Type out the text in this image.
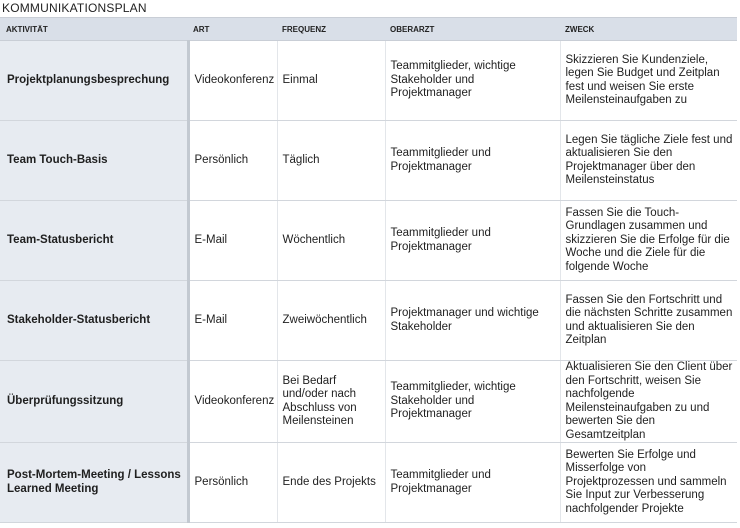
KOMMUNIKATIONSPLAN
AKTIVITÄT	ART	FREQUENZ	OBERARZT	ZWECK
Projektplanungsbesprechung	Videokonferenz	Einmal	Teammitglieder, wichtige Stakeholder und Projektmanager	Skizzieren Sie Kundenziele, legen Sie Budget und Zeitplan fest und weisen Sie erste Meilensteinaufgaben zu
Team Touch-Basis	Persönlich	Täglich	Teammitglieder und Projektmanager	Legen Sie tägliche Ziele fest und aktualisieren Sie den Projektmanager über den Meilensteinstatus
Team-Statusbericht	E-Mail	Wöchentlich	Teammitglieder und Projektmanager	Fassen Sie die Touch-Grundlagen zusammen und skizzieren Sie die Erfolge für die Woche und die Ziele für die folgende Woche
Stakeholder-Statusbericht	E-Mail	Zweiwöchentlich	Projektmanager und wichtige Stakeholder	Fassen Sie den Fortschritt und die nächsten Schritte zusammen und aktualisieren Sie den Zeitplan
Überprüfungssitzung	Videokonferenz	Bei Bedarf und/oder nach Abschluss von Meilensteinen	Teammitglieder, wichtige Stakeholder und Projektmanager	Aktualisieren Sie den Client über den Fortschritt, weisen Sie nachfolgende Meilensteinaufgaben zu und bewerten Sie den Gesamtzeitplan
Post-Mortem-Meeting / Lessons Learned Meeting	Persönlich	Ende des Projekts	Teammitglieder und Projektmanager	Bewerten Sie Erfolge und Misserfolge von Projektprozessen und sammeln Sie Input zur Verbesserung nachfolgender Projekte
